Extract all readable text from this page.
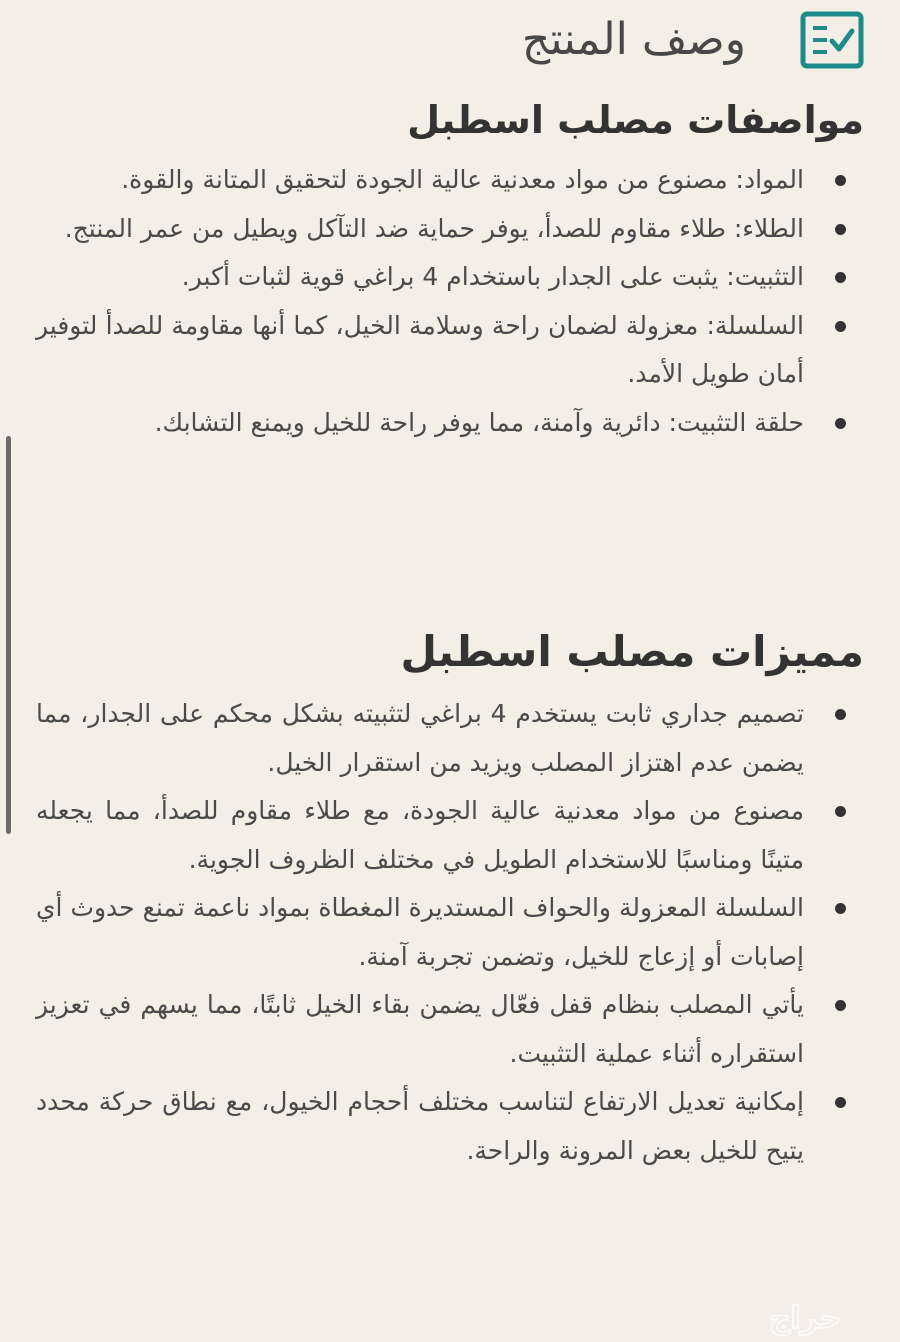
وصف المنتج
مواصفات مصلب اسطبل
المواد: مصنوع من مواد معدنية عالية الجودة لتحقيق المتانة والقوة.
الطلاء: طلاء مقاوم للصدأ، يوفر حماية ضد التآكل ويطيل من عمر المنتج.
التثبيت: يثبت على الجدار باستخدام 4 براغي قوية لثبات أكبر.
السلسلة: معزولة لضمان راحة وسلامة الخيل، كما أنها مقاومة للصدأ لتوفير أمان طويل الأمد.
حلقة التثبيت: دائرية وآمنة، مما يوفر راحة للخيل ويمنع التشابك.
مميزات مصلب اسطبل
تصميم جداري ثابت يستخدم 4 براغي لتثبيته بشكل محكم على الجدار، مما يضمن عدم اهتزاز المصلب ويزيد من استقرار الخيل.
مصنوع من مواد معدنية عالية الجودة، مع طلاء مقاوم للصدأ، مما يجعله متينًا ومناسبًا للاستخدام الطويل في مختلف الظروف الجوية.
السلسلة المعزولة والحواف المستديرة المغطاة بمواد ناعمة تمنع حدوث أي إصابات أو إزعاج للخيل، وتضمن تجربة آمنة.
يأتي المصلب بنظام قفل فعّال يضمن بقاء الخيل ثابتًا، مما يسهم في تعزيز استقراره أثناء عملية التثبيت.
إمكانية تعديل الارتفاع لتناسب مختلف أحجام الخيول، مع نطاق حركة محدد يتيح للخيل بعض المرونة والراحة.
حراج
